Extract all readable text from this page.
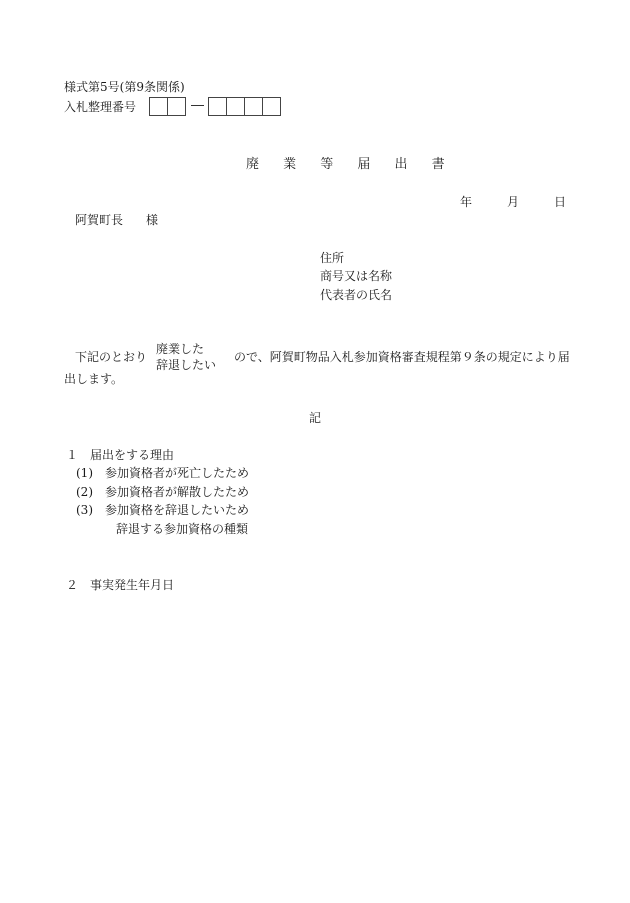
様式第5号(第9条関係)
入札整理番号
廃 業 等 届 出 書
年	月	日
阿賀町長 様
住所
商号又は名称
代表者の氏名
廃業した
下記のとおり	ので、阿賀町物品入札参加資格審査規程第９条の規定により届
辞退したい
出します。
記
１　届出をする理由
(1)　参加資格者が死亡したため
(2)　参加資格者が解散したため
(3)　参加資格を辞退したいため
辞退する参加資格の種類
２　事実発生年月日
